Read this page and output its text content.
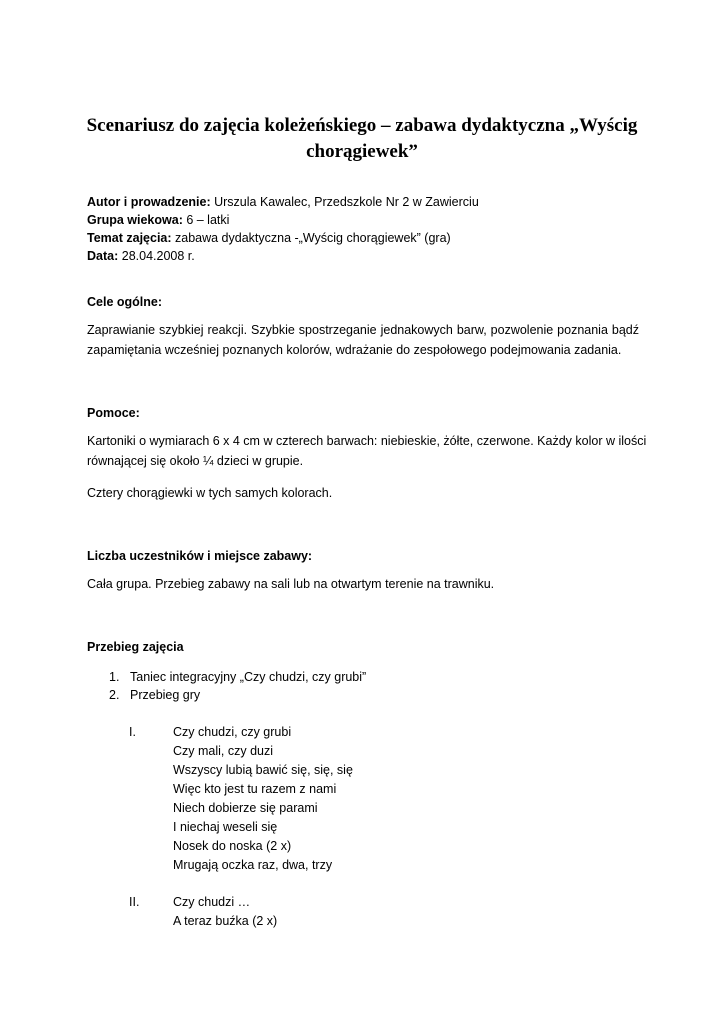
Scenariusz do zajęcia koleżeńskiego – zabawa dydaktyczna „Wyścig
chorągiewek”
Autor i prowadzenie: Urszula Kawalec, Przedszkole Nr 2 w Zawierciu
Grupa wiekowa: 6 – latki
Temat zajęcia: zabawa dydaktyczna -„Wyścig chorągiewek” (gra)
Data: 28.04.2008 r.
Cele ogólne:
Zaprawianie szybkiej reakcji. Szybkie spostrzeganie jednakowych barw, pozwolenie poznania bądź
zapamiętania wcześniej poznanych kolorów, wdrażanie do zespołowego podejmowania zadania.
Pomoce:
Kartoniki o wymiarach 6 x 4 cm w czterech barwach: niebieskie, żółte, czerwone. Każdy kolor w ilości
równającej się około ¼ dzieci w grupie.
Cztery chorągiewki w tych samych kolorach.
Liczba uczestników i miejsce zabawy:
Cała grupa. Przebieg zabawy na sali lub na otwartym terenie na trawniku.
Przebieg zajęcia
1. Taniec integracyjny „Czy chudzi, czy grubi”
2. Przebieg gry
I.	Czy chudzi, czy grubi
Czy mali, czy duzi
Wszyscy lubią bawić się, się, się
Więc kto jest tu razem z nami
Niech dobierze się parami
I niechaj weseli się
Nosek do noska (2 x)
Mrugają oczka raz, dwa, trzy
II.	Czy chudzi …
A teraz buźka (2 x)
